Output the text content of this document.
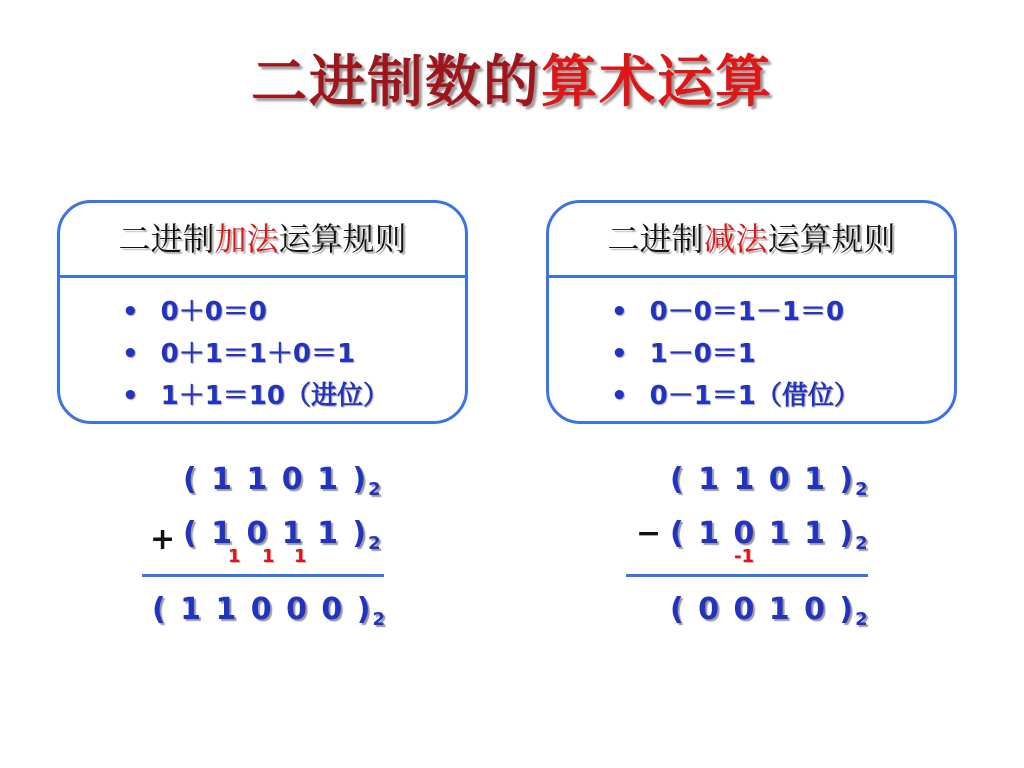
二进制数的算术运算
二进制加法运算规则
• 0＋0＝0
• 0＋1＝1＋0＝1
• 1＋1＝10（进位）
二进制减法运算规则
• 0－0＝1－1＝0
• 1－0＝1
• 0－1＝1（借位）
( 1 1 0 1 )$_2$
+ ( 1 0 1 1 )$_2$
1 1 1
( 1 1 0 0 0 )$_2$
( 1 1 0 1 )$_2$
− ( 1 0 1 1 )$_2$
-1
( 0 0 1 0 )$_2$
